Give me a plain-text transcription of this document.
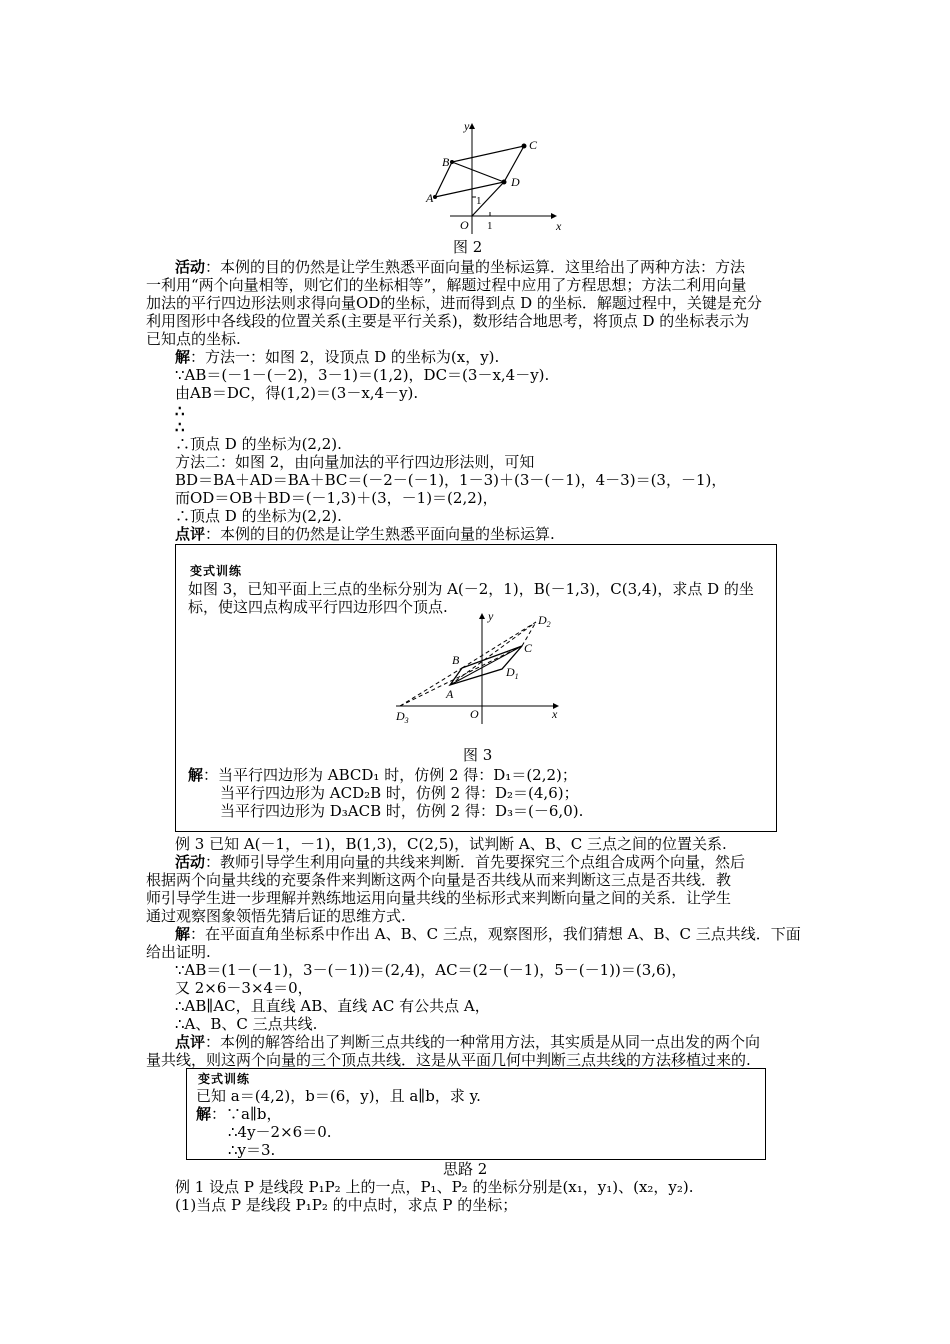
y
x
B
C
A
D
O 1
1
图 2
活动：本例的目的仍然是让学生熟悉平面向量的坐标运算．这里给出了两种方法：方法
一利用“两个向量相等，则它们的坐标相等”，解题过程中应用了方程思想；方法二利用向量
加法的平行四边形法则求得向量OD的坐标，进而得到点 D 的坐标．解题过程中，关键是充分
利用图形中各线段的位置关系(主要是平行关系)，数形结合地思考，将顶点 D 的坐标表示为
已知点的坐标.
解：方法一：如图 2，设顶点 D 的坐标为(x，y).
∵AB＝(－1－(－2)，3－1)＝(1,2)，DC＝(3－x,4－y).
由AB＝DC，得(1,2)＝(3－x,4－y).
∴
∴
∴顶点 D 的坐标为(2,2).
方法二：如图 2，由向量加法的平行四边形法则，可知
BD＝BA＋AD＝BA＋BC＝(－2－(－1)，1－3)＋(3－(－1)，4－3)＝(3，－1)，
而OD＝OB＋BD＝(－1,3)＋(3，－1)＝(2,2)，
∴顶点 D 的坐标为(2,2).
点评：本例的目的仍然是让学生熟悉平面向量的坐标运算.
变式训练
如图 3，已知平面上三点的坐标分别为 A(－2，1)，B(－1,3)，C(3,4)，求点 D 的坐
标，使这四点构成平行四边形四个顶点.	y
x
$D_2$
C
B
$D_1$
A
$D_3$	O
图 3
解：当平行四边形为 ABCD₁ 时，仿例 2 得：D₁＝(2,2)；
当平行四边形为 ACD₂B 时，仿例 2 得：D₂＝(4,6)；
当平行四边形为 D₃ACB 时，仿例 2 得：D₃＝(－6,0).
例 3 已知 A(－1，－1)，B(1,3)，C(2,5)，试判断 A、B、C 三点之间的位置关系.
活动：教师引导学生利用向量的共线来判断．首先要探究三个点组合成两个向量，然后
根据两个向量共线的充要条件来判断这两个向量是否共线从而来判断这三点是否共线．教
师引导学生进一步理解并熟练地运用向量共线的坐标形式来判断向量之间的关系．让学生
通过观察图象领悟先猜后证的思维方式.
解：在平面直角坐标系中作出 A、B、C 三点，观察图形，我们猜想 A、B、C 三点共线．下面
给出证明.
∵AB＝(1－(－1)，3－(－1))＝(2,4)，AC＝(2－(－1)，5－(－1))＝(3,6)，
又 2×6－3×4＝0，
∴AB∥AC，且直线 AB、直线 AC 有公共点 A，
∴A、B、C 三点共线.
点评：本例的解答给出了判断三点共线的一种常用方法，其实质是从同一点出发的两个向
量共线，则这两个向量的三个顶点共线．这是从平面几何中判断三点共线的方法移植过来的.
变式训练
已知 a＝(4,2)，b＝(6，y)，且 a∥b，求 y.
解：∵a∥b，
∴4y－2×6＝0.
∴y＝3.
思路 2
例 1 设点 P 是线段 P₁P₂ 上的一点，P₁、P₂ 的坐标分别是(x₁，y₁)、(x₂，y₂).
(1)当点 P 是线段 P₁P₂ 的中点时，求点 P 的坐标；
